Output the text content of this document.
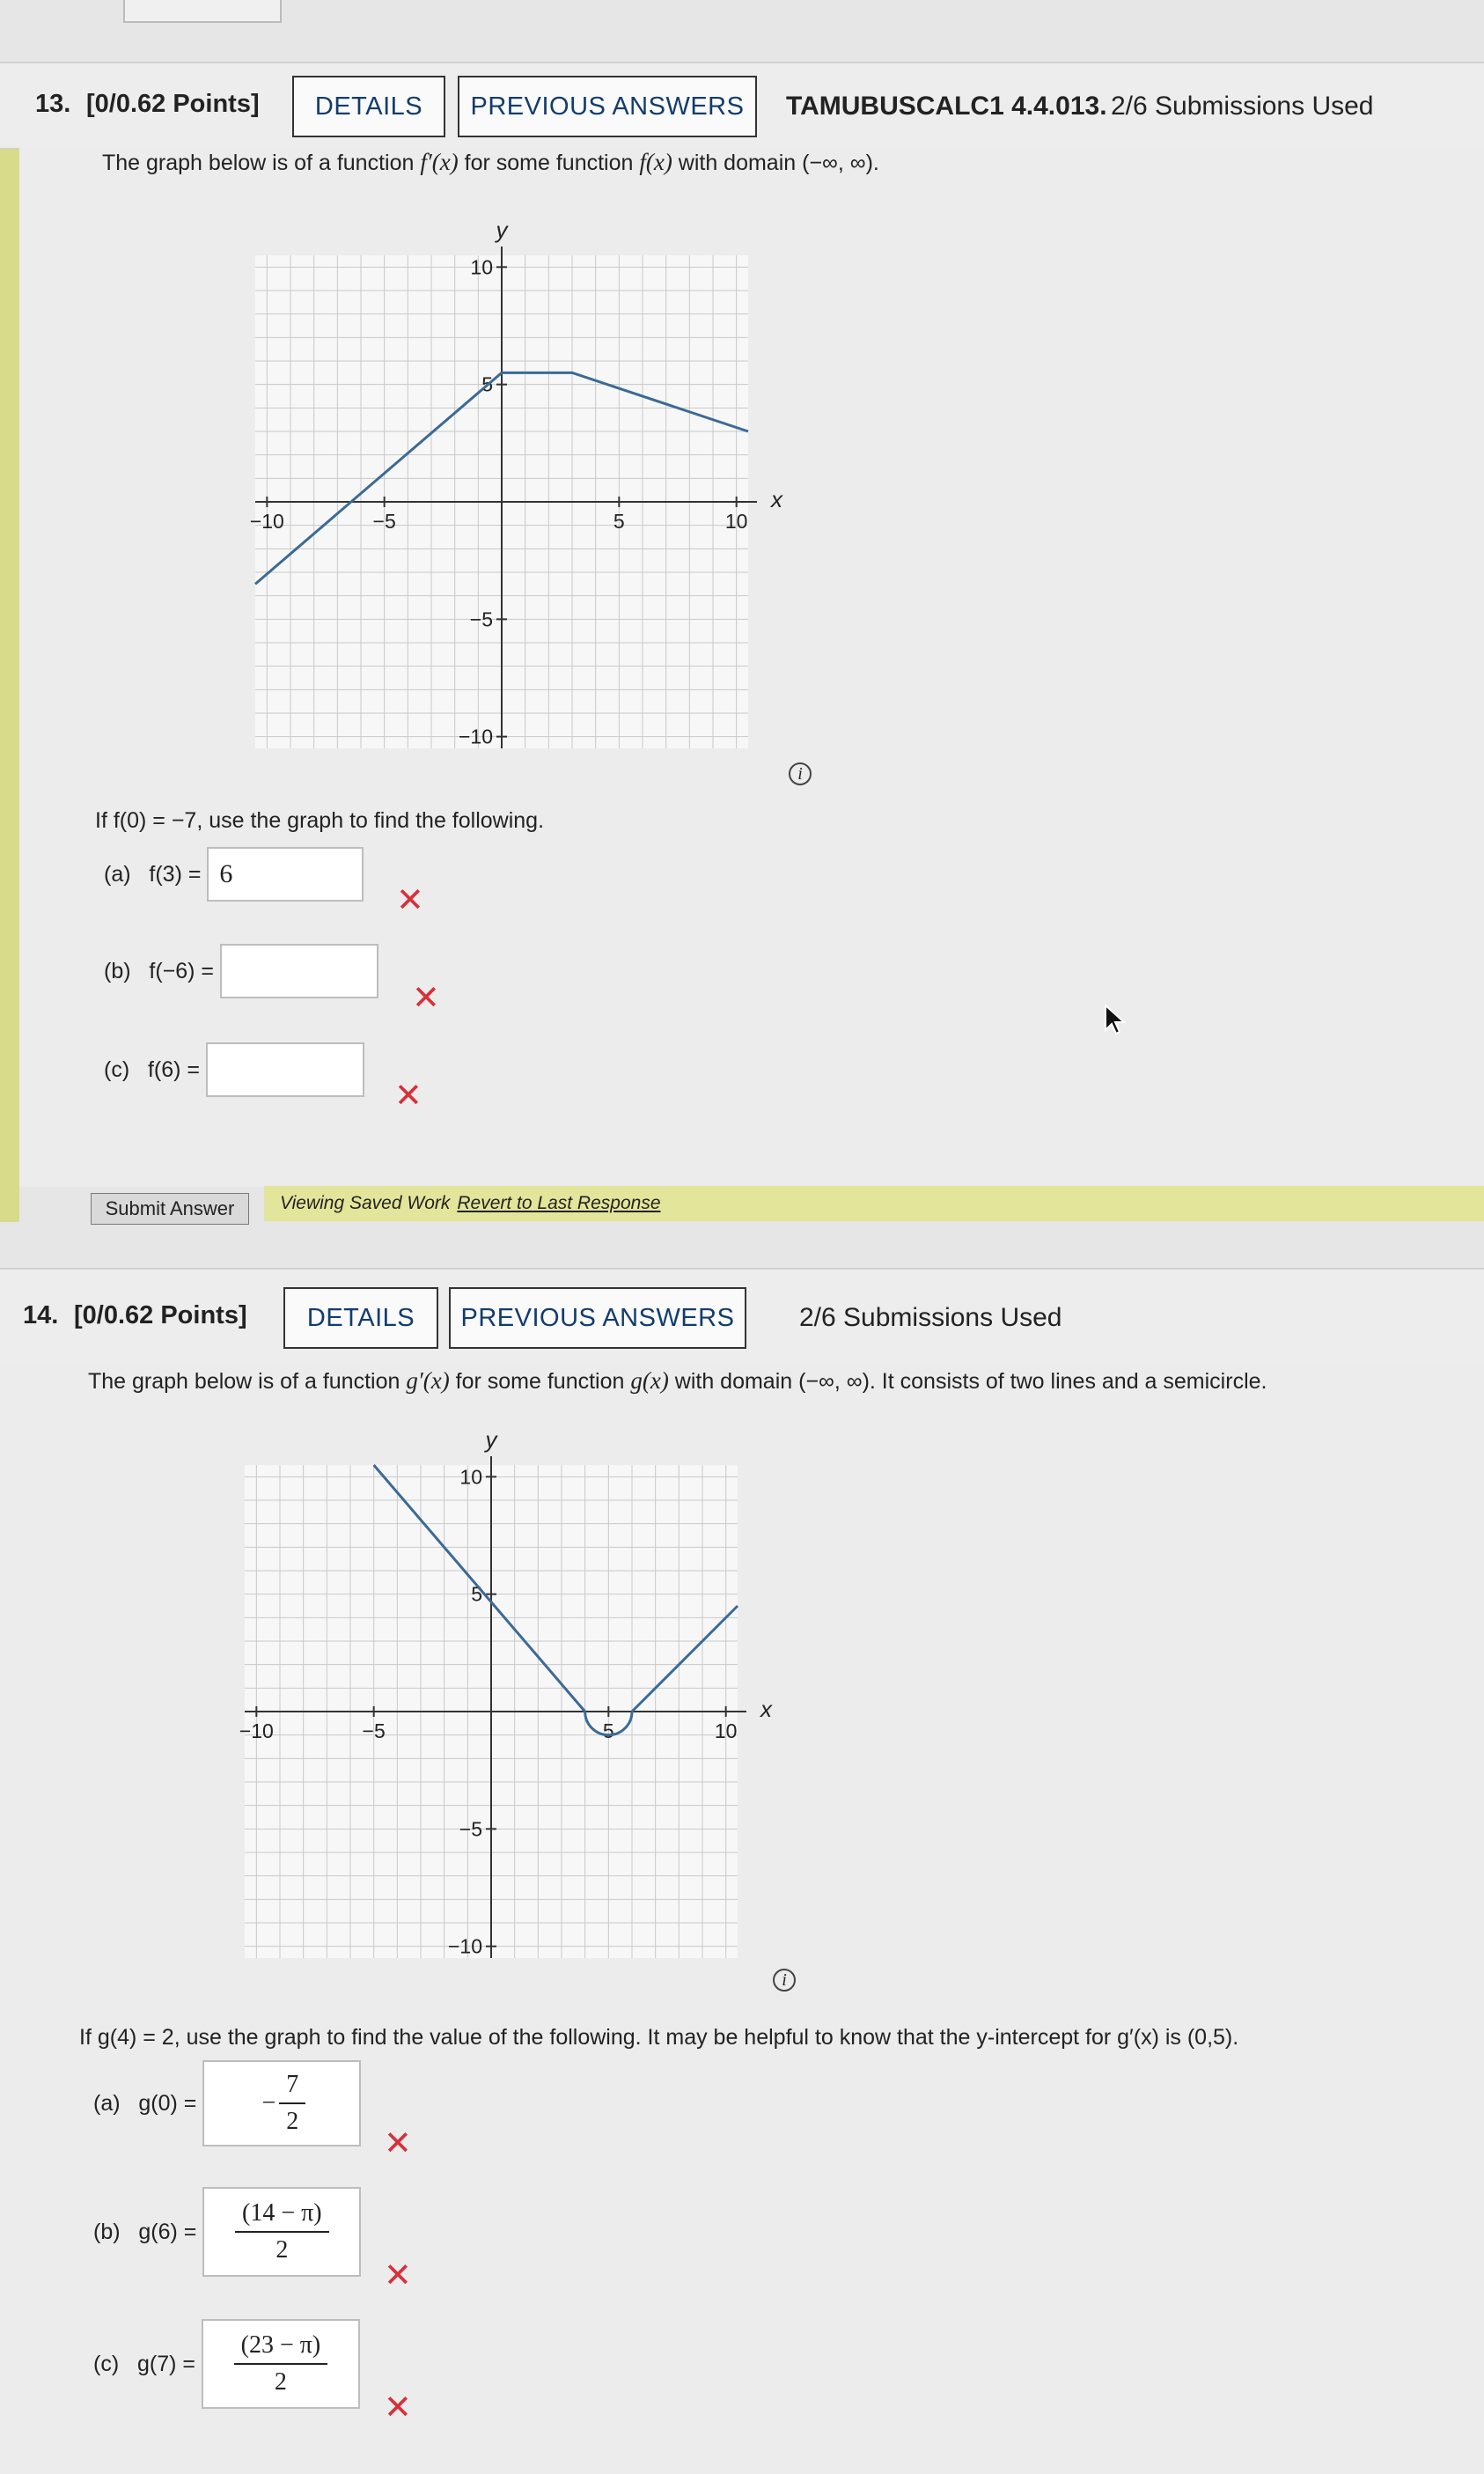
13. [0/0.62 Points]	DETAILS	PREVIOUS ANSWERS	TAMUBUSCALC1 4.4.013. 2/6 Submissions Used
The graph below is of a function f′(x) for some function f(x) with domain (−∞, ∞).
−10	−5	5	10
10
5
−5
−10
x
y
i
If f(0) = −7, use the graph to find the following.
(a)   f(3) = 6
✕
(b)   f(−6) =
✕
(c)   f(6) =
✕
Submit Answer	Viewing Saved Work Revert to Last Response
14. [0/0.62 Points]	DETAILS	PREVIOUS ANSWERS	2/6 Submissions Used
The graph below is of a function g′(x) for some function g(x) with domain (−∞, ∞). It consists of two lines and a semicircle.
−10	−5	5	10
10
5
−5
−10
x
y
i
If g(4) = 2, use the graph to find the value of the following. It may be helpful to know that the y-intercept for g′(x) is (0,5).
(a)   g(0) = − $\frac{7}{2}$
✕
(b)   $g(6) = \frac{(14 - \pi)}{2}$
✕
(c)   $g(7) = \frac{(23 - \pi)}{2}$
✕
